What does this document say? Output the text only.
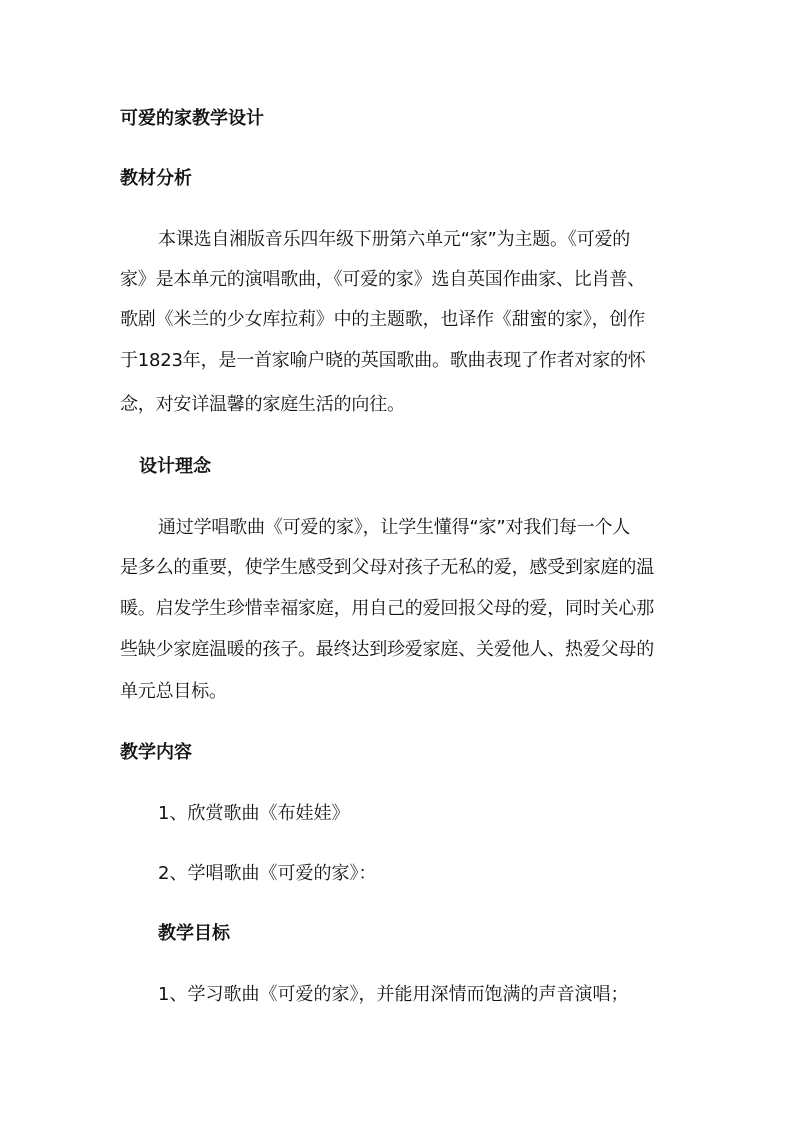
可爱的家教学设计
教材分析
本课选自湘版音乐四年级下册第六单元“家”为主题。《可爱的
家》是本单元的演唱歌曲，《可爱的家》选自英国作曲家、比肖普、
歌剧《米兰的少女库拉莉》中的主题歌，也译作《甜蜜的家》，创作
于1823年，是一首家喻户晓的英国歌曲。歌曲表现了作者对家的怀
念，对安详温馨的家庭生活的向往。
设计理念
通过学唱歌曲《可爱的家》，让学生懂得“家”对我们每一个人
是多么的重要，使学生感受到父母对孩子无私的爱，感受到家庭的温
暖。启发学生珍惜幸福家庭，用自己的爱回报父母的爱，同时关心那
些缺少家庭温暖的孩子。最终达到珍爱家庭、关爱他人、热爱父母的
单元总目标。
教学内容
1、欣赏歌曲《布娃娃》
2、学唱歌曲《可爱的家》：
教学目标
1、学习歌曲《可爱的家》，并能用深情而饱满的声音演唱；
